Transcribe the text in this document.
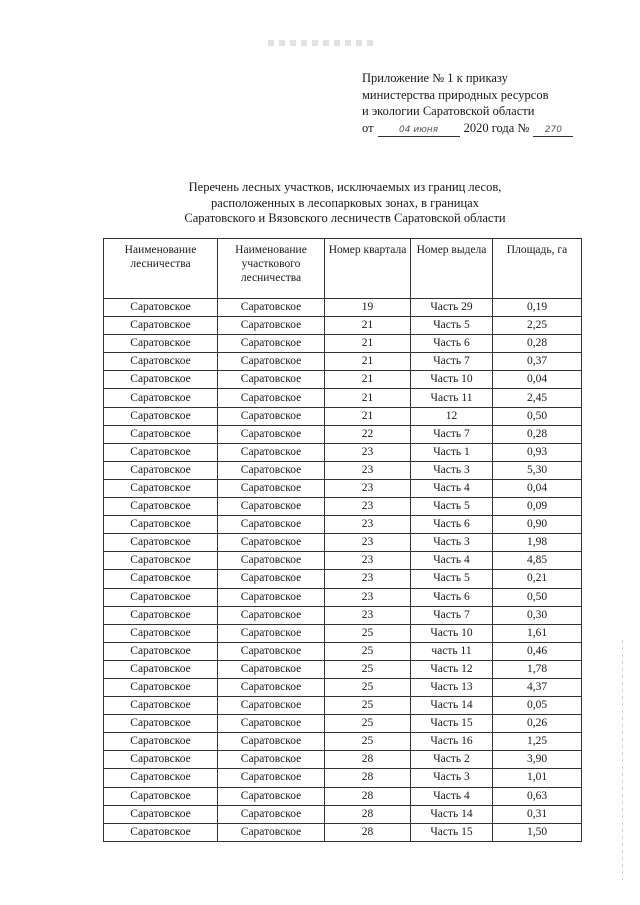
Приложение № 1 к приказу
министерства природных ресурсов
и экологии Саратовской области
от	04 июня 2020 года № 270
Перечень лесных участков, исключаемых из границ лесов,
расположенных в лесопарковых зонах, в границах
Саратовского и Вязовского лесничеств Саратовской области
Наименование лесничества	Наименование участкового лесничества	Номер квартала	Номер выдела	Площадь, га
Саратовское	Саратовское	19	Часть 29	0,19
Саратовское	Саратовское	21	Часть 5	2,25
Саратовское	Саратовское	21	Часть 6	0,28
Саратовское	Саратовское	21	Часть 7	0,37
Саратовское	Саратовское	21	Часть 10	0,04
Саратовское	Саратовское	21	Часть 11	2,45
Саратовское	Саратовское	21	12	0,50
Саратовское	Саратовское	22	Часть 7	0,28
Саратовское	Саратовское	23	Часть 1	0,93
Саратовское	Саратовское	23	Часть 3	5,30
Саратовское	Саратовское	23	Часть 4	0,04
Саратовское	Саратовское	23	Часть 5	0,09
Саратовское	Саратовское	23	Часть 6	0,90
Саратовское	Саратовское	23	Часть 3	1,98
Саратовское	Саратовское	23	Часть 4	4,85
Саратовское	Саратовское	23	Часть 5	0,21
Саратовское	Саратовское	23	Часть 6	0,50
Саратовское	Саратовское	23	Часть 7	0,30
Саратовское	Саратовское	25	Часть 10	1,61
Саратовское	Саратовское	25	часть 11	0,46
Саратовское	Саратовское	25	Часть 12	1,78
Саратовское	Саратовское	25	Часть 13	4,37
Саратовское	Саратовское	25	Часть 14	0,05
Саратовское	Саратовское	25	Часть 15	0,26
Саратовское	Саратовское	25	Часть 16	1,25
Саратовское	Саратовское	28	Часть 2	3,90
Саратовское	Саратовское	28	Часть 3	1,01
Саратовское	Саратовское	28	Часть 4	0,63
Саратовское	Саратовское	28	Часть 14	0,31
Саратовское	Саратовское	28	Часть 15	1,50
